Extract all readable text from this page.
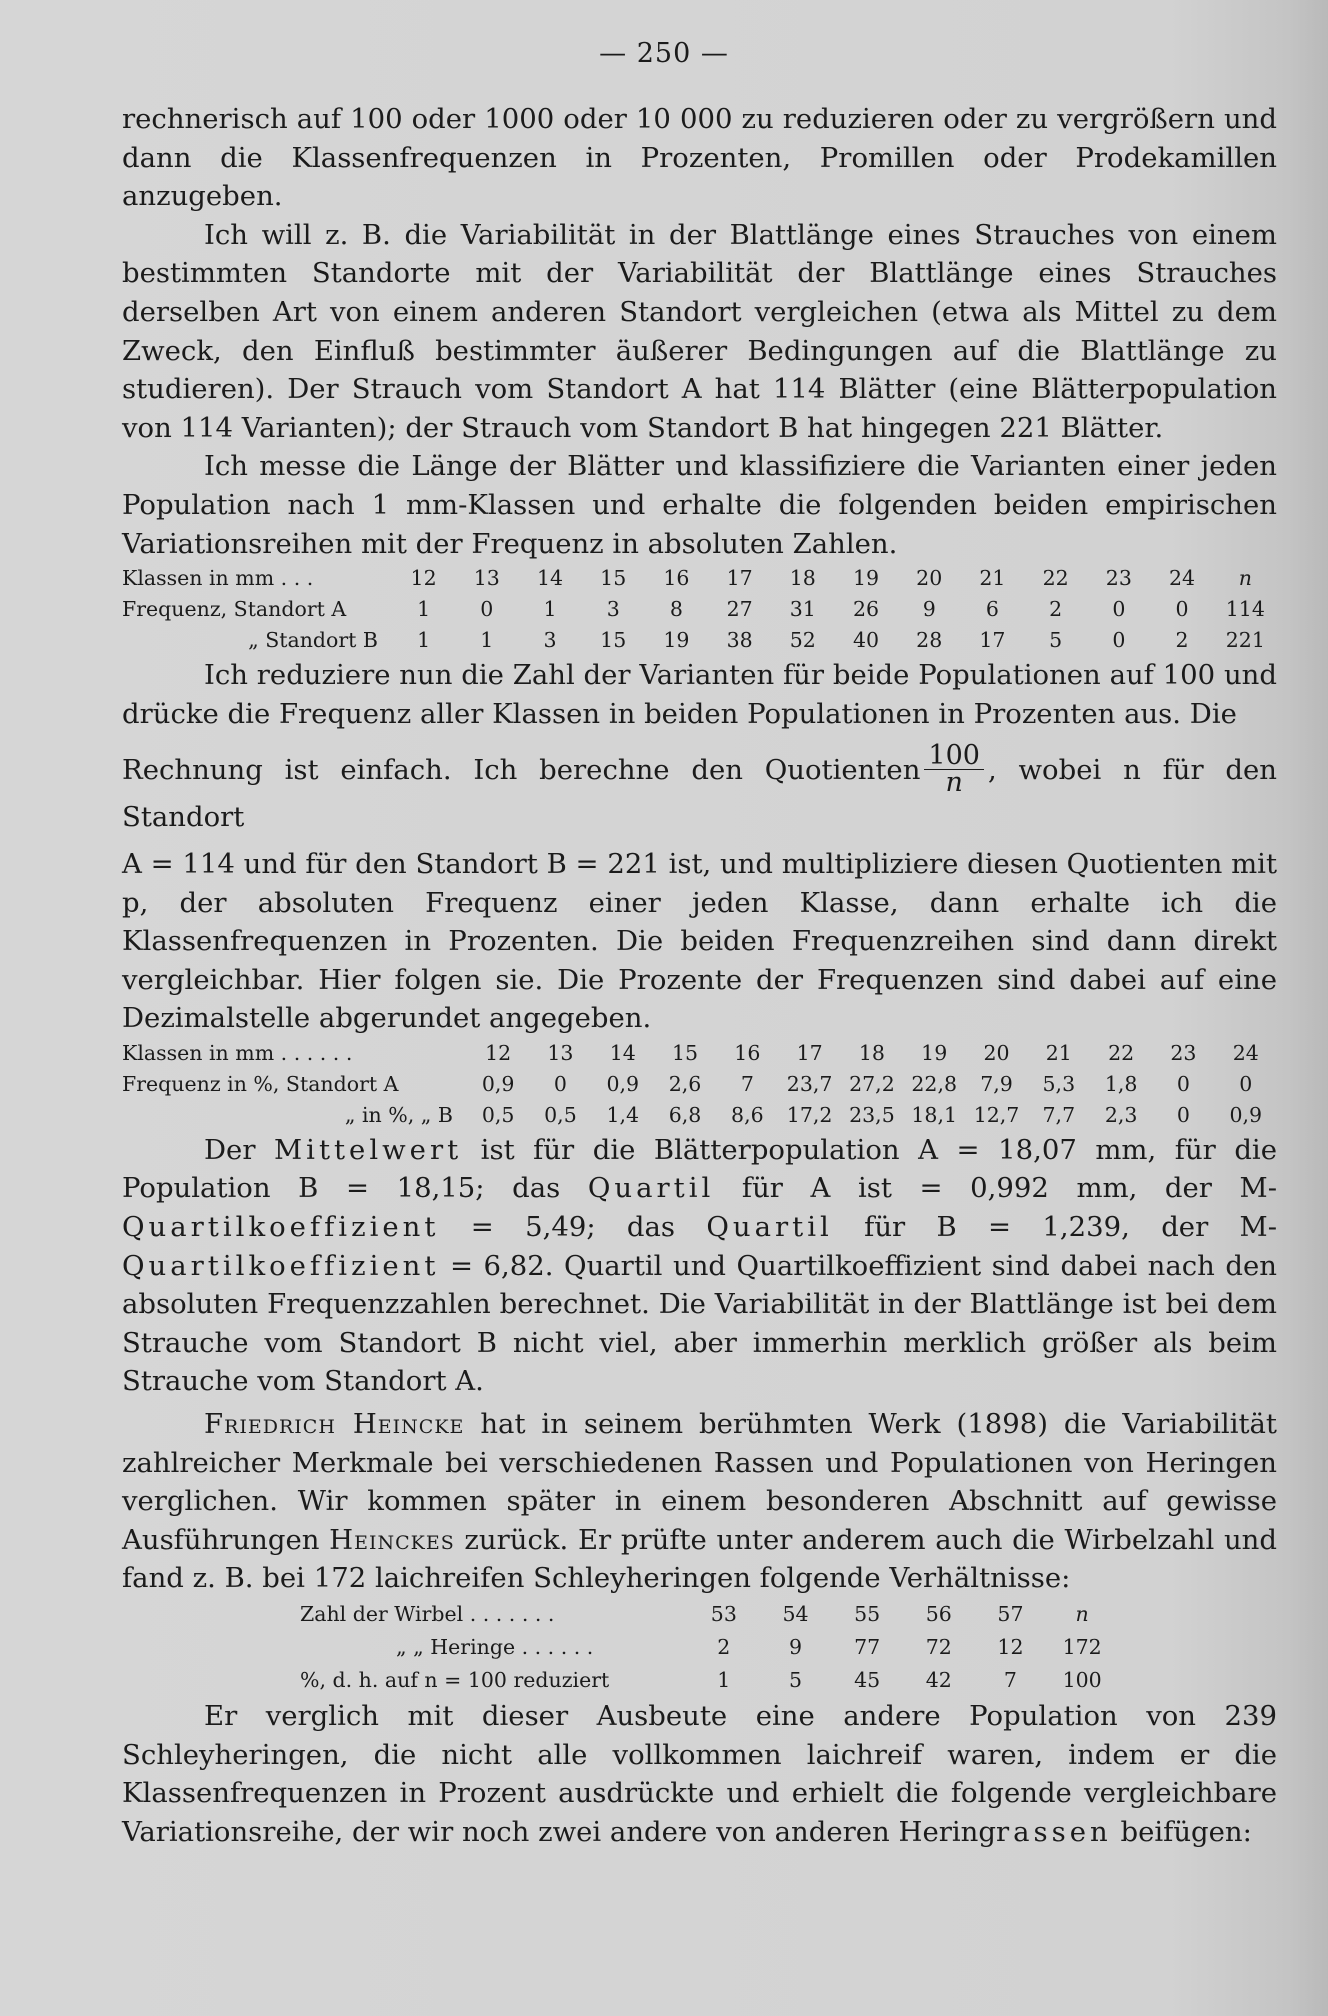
— 250 —

rechnerisch auf 100 oder 1000 oder 10 000 zu reduzieren oder zu vergrößern und dann die Klassenfrequenzen in Prozenten, Promillen oder Prodekamillen anzugeben.

Ich will z. B. die Variabilität in der Blattlänge eines Strauches von einem bestimmten Standorte mit der Variabilität der Blattlänge eines Strauches derselben Art von einem anderen Standort vergleichen (etwa als Mittel zu dem Zweck, den Einfluß bestimmter äußerer Bedingungen auf die Blattlänge zu studieren). Der Strauch vom Standort A hat 114 Blätter (eine Blätterpopulation von 114 Varianten); der Strauch vom Standort B hat hingegen 221 Blätter.

Ich messe die Länge der Blätter und klassifiziere die Varianten einer jeden Population nach 1 mm-Klassen und erhalte die folgenden beiden empirischen Variationsreihen mit der Frequenz in absoluten Zahlen.

Klassen in mm . . .	12	13	14	15	16	17	18	19	20	21	22	23	24	n
Frequenz, Standort A	1	0	1	3	8	27	31	26	9	6	2	0	0	114
„ Standort B	1	1	3	15	19	38	52	40	28	17	5	0	2	221

Ich reduziere nun die Zahl der Varianten für beide Populationen auf 100 und drücke die Frequenz aller Klassen in beiden Populationen in Prozenten aus. Die

Rechnung ist einfach. Ich berechne den Quotienten $\frac{100}{n}$ , wobei n für den Standort

A = 114 und für den Standort B = 221 ist, und multipliziere diesen Quotienten mit p, der absoluten Frequenz einer jeden Klasse, dann erhalte ich die Klassenfrequenzen in Prozenten. Die beiden Frequenzreihen sind dann direkt vergleichbar. Hier folgen sie. Die Prozente der Frequenzen sind dabei auf eine Dezimalstelle abgerundet angegeben.

Klassen in mm . . . . . .	12	13	14	15	16	17	18	19	20	21	22	23	24
Frequenz in %, Standort A	0,9	0	0,9	2,6	7	23,7	27,2	22,8	7,9	5,3	1,8	0	0
„ in %, „ B	0,5	0,5	1,4	6,8	8,6	17,2	23,5	18,1	12,7	7,7	2,3	0	0,9

Der Mittelwert ist für die Blätterpopulation A = 18,07 mm, für die Population B = 18,15; das Quartil für A ist = 0,992 mm, der M-Quartilkoeffizient = 5,49; das Quartil für B = 1,239, der M-Quartilkoeffizient = 6,82. Quartil und Quartilkoeffizient sind dabei nach den absoluten Frequenzzahlen berechnet. Die Variabilität in der Blattlänge ist bei dem Strauche vom Standort B nicht viel, aber immerhin merklich größer als beim Strauche vom Standort A.

Friedrich Heincke hat in seinem berühmten Werk (1898) die Variabilität zahlreicher Merkmale bei verschiedenen Rassen und Populationen von Heringen verglichen. Wir kommen später in einem besonderen Abschnitt auf gewisse Ausführungen Heinckes zurück. Er prüfte unter anderem auch die Wirbelzahl und fand z. B. bei 172 laichreifen Schleyheringen folgende Verhältnisse:

Zahl der Wirbel . . . . . . .	53	54	55	56	57	n
„ „ Heringe . . . . . .	2	9	77	72	12	172
%, d. h. auf n = 100 reduziert	1	5	45	42	7	100

Er verglich mit dieser Ausbeute eine andere Population von 239 Schleyheringen, die nicht alle vollkommen laichreif waren, indem er die Klassenfrequenzen in Prozent ausdrückte und erhielt die folgende vergleichbare Variationsreihe, der wir noch zwei andere von anderen Heringrassen beifügen:
